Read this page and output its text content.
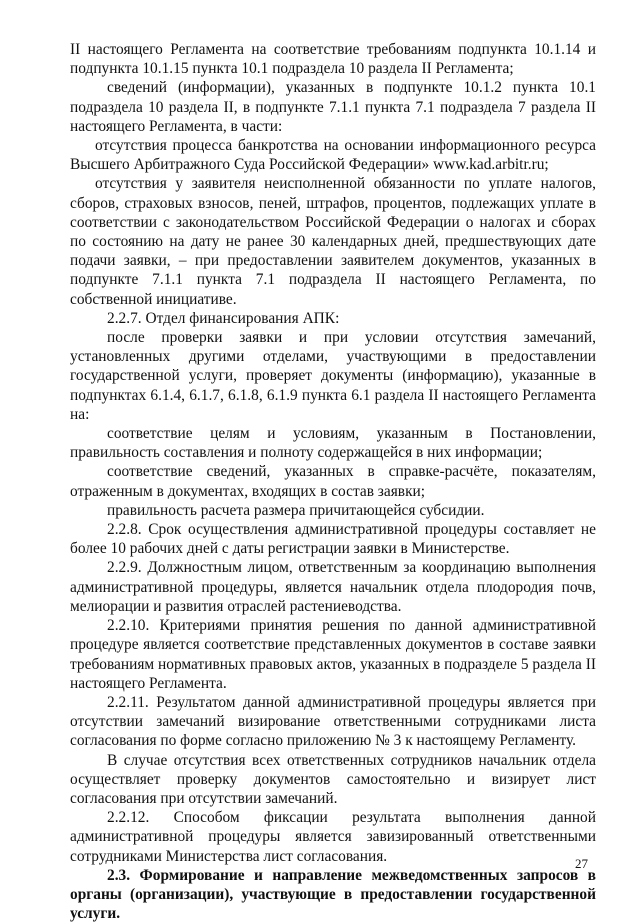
II настоящего Регламента на соответствие требованиям подпункта 10.1.14 и подпункта 10.1.15 пункта 10.1 подраздела 10 раздела II Регламента;

сведений (информации), указанных в подпункте 10.1.2 пункта 10.1 подраздела 10 раздела II, в подпункте 7.1.1 пункта 7.1 подраздела 7 раздела II настоящего Регламента, в части:

отсутствия процесса банкротства на основании информационного ресурса Высшего Арбитражного Суда Российской Федерации» www.kad.arbitr.ru;

отсутствия у заявителя неисполненной обязанности по уплате налогов, сборов, страховых взносов, пеней, штрафов, процентов, подлежащих уплате в соответствии с законодательством Российской Федерации о налогах и сборах по состоянию на дату не ранее 30 календарных дней, предшествующих дате подачи заявки, – при предоставлении заявителем документов, указанных в подпункте 7.1.1 пункта 7.1 подраздела II настоящего Регламента, по собственной инициативе.

2.2.7. Отдел финансирования АПК:

после проверки заявки и при условии отсутствия замечаний, установленных другими отделами, участвующими в предоставлении государственной услуги, проверяет документы (информацию), указанные в подпунктах 6.1.4, 6.1.7, 6.1.8, 6.1.9 пункта 6.1 раздела II настоящего Регламента на:

соответствие целям и условиям, указанным в Постановлении, правильность составления и полноту содержащейся в них информации;

соответствие сведений, указанных в справке-расчёте, показателям, отраженным в документах, входящих в состав заявки;

правильность расчета размера причитающейся субсидии.

2.2.8. Срок осуществления административной процедуры составляет не более 10 рабочих дней с даты регистрации заявки в Министерстве.

2.2.9. Должностным лицом, ответственным за координацию выполнения административной процедуры, является начальник отдела плодородия почв, мелиорации и развития отраслей растениеводства.

2.2.10. Критериями принятия решения по данной административной процедуре является соответствие представленных документов в составе заявки требованиям нормативных правовых актов, указанных в подразделе 5 раздела II настоящего Регламента.

2.2.11. Результатом данной административной процедуры является при отсутствии замечаний визирование ответственными сотрудниками листа согласования по форме согласно приложению № 3 к настоящему Регламенту.

В случае отсутствия всех ответственных сотрудников начальник отдела осуществляет проверку документов самостоятельно и визирует лист согласования при отсутствии замечаний.

2.2.12. Способом фиксации результата выполнения данной административной процедуры является завизированный ответственными сотрудниками Министерства лист согласования.

2.3. Формирование и направление межведомственных запросов в органы (организации), участвующие в предоставлении государственной услуги.

27
